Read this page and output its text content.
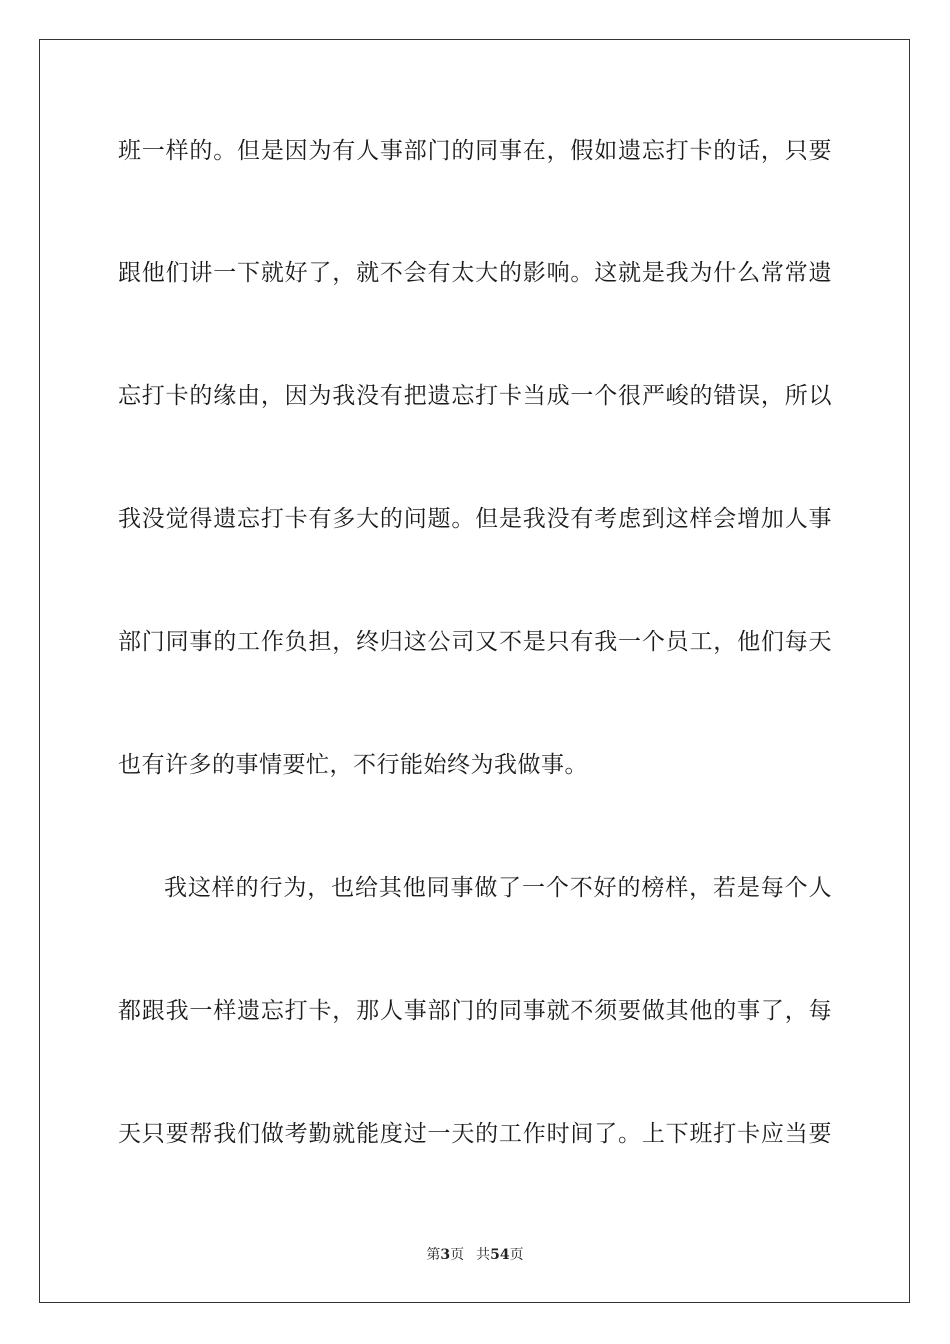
班一样的。但是因为有人事部门的同事在，假如遗忘打卡的话，只要
跟他们讲一下就好了，就不会有太大的影响。这就是我为什么常常遗
忘打卡的缘由，因为我没有把遗忘打卡当成一个很严峻的错误，所以
我没觉得遗忘打卡有多大的问题。但是我没有考虑到这样会增加人事
部门同事的工作负担，终归这公司又不是只有我一个员工，他们每天
也有许多的事情要忙，不行能始终为我做事。
我这样的行为，也给其他同事做了一个不好的榜样，若是每个人
都跟我一样遗忘打卡，那人事部门的同事就不须要做其他的事了，每
天只要帮我们做考勤就能度过一天的工作时间了。上下班打卡应当要
第3页 共54页
